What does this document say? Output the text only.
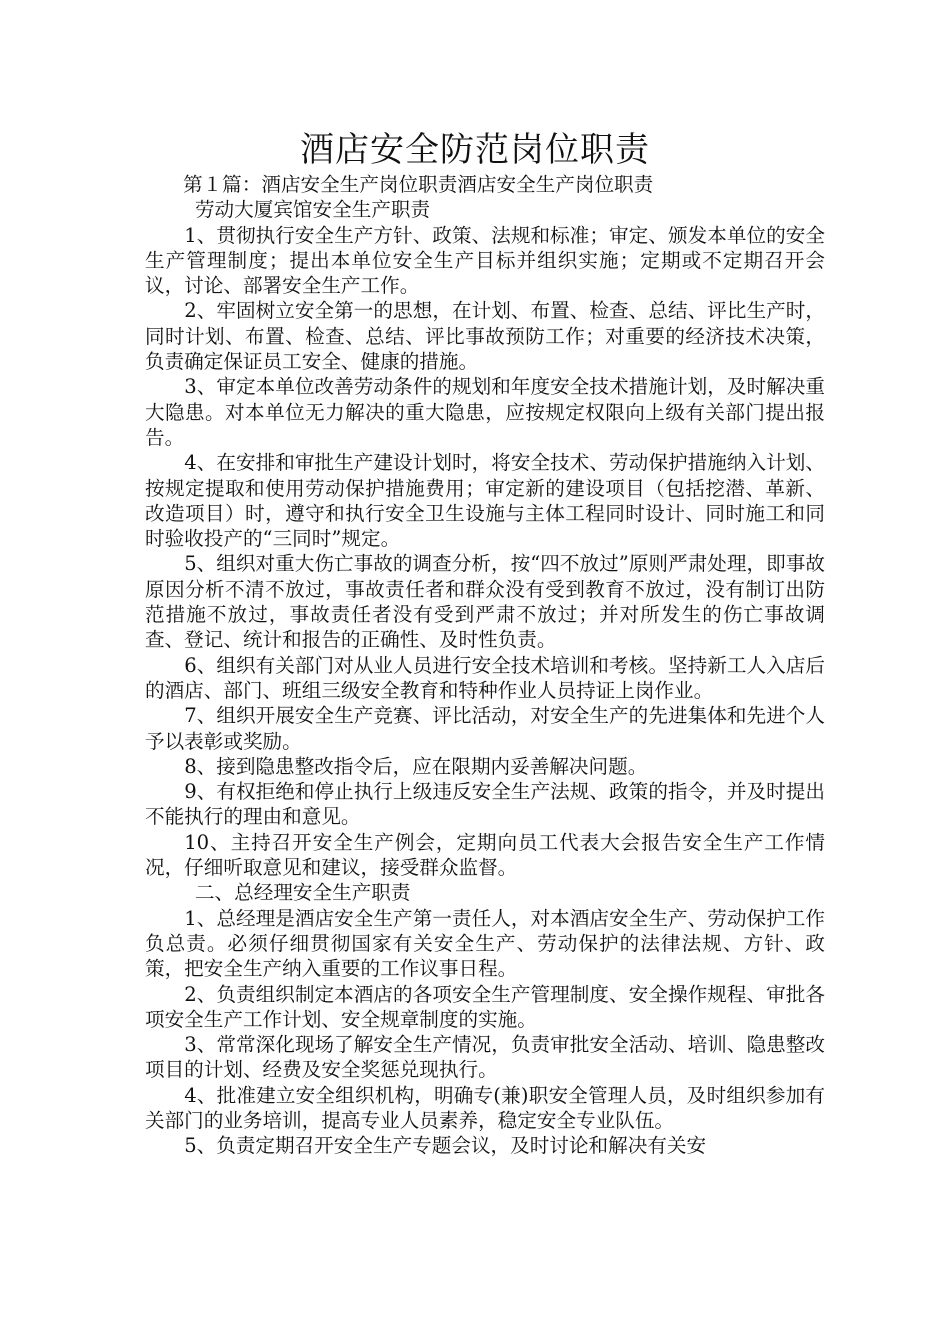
酒店安全防范岗位职责

第１篇：酒店安全生产岗位职责酒店安全生产岗位职责

劳动大厦宾馆安全生产职责

1、贯彻执行安全生产方针、政策、法规和标准；审定、颁发本单位的安全生产管理制度；提出本单位安全生产目标并组织实施；定期或不定期召开会议，讨论、部署安全生产工作。

2、牢固树立安全第一的思想，在计划、布置、检查、总结、评比生产时，同时计划、布置、检查、总结、评比事故预防工作；对重要的经济技术决策，负责确定保证员工安全、健康的措施。

3、审定本单位改善劳动条件的规划和年度安全技术措施计划，及时解决重大隐患。对本单位无力解决的重大隐患，应按规定权限向上级有关部门提出报告。

4、在安排和审批生产建设计划时，将安全技术、劳动保护措施纳入计划、按规定提取和使用劳动保护措施费用；审定新的建设项目（包括挖潜、革新、改造项目）时，遵守和执行安全卫生设施与主体工程同时设计、同时施工和同时验收投产的“三同时”规定。

5、组织对重大伤亡事故的调查分析，按“四不放过”原则严肃处理，即事故原因分析不清不放过，事故责任者和群众没有受到教育不放过，没有制订出防范措施不放过，事故责任者没有受到严肃不放过；并对所发生的伤亡事故调查、登记、统计和报告的正确性、及时性负责。

6、组织有关部门对从业人员进行安全技术培训和考核。坚持新工人入店后的酒店、部门、班组三级安全教育和特种作业人员持证上岗作业。

7、组织开展安全生产竞赛、评比活动，对安全生产的先进集体和先进个人予以表彰或奖励。

8、接到隐患整改指令后，应在限期内妥善解决问题。

9、有权拒绝和停止执行上级违反安全生产法规、政策的指令，并及时提出不能执行的理由和意见。

10、主持召开安全生产例会，定期向员工代表大会报告安全生产工作情况，仔细听取意见和建议，接受群众监督。

二、总经理安全生产职责

1、总经理是酒店安全生产第一责任人，对本酒店安全生产、劳动保护工作负总责。必须仔细贯彻国家有关安全生产、劳动保护的法律法规、方针、政策，把安全生产纳入重要的工作议事日程。

2、负责组织制定本酒店的各项安全生产管理制度、安全操作规程、审批各项安全生产工作计划、安全规章制度的实施。

3、常常深化现场了解安全生产情况，负责审批安全活动、培训、隐患整改项目的计划、经费及安全奖惩兑现执行。

4、批准建立安全组织机构，明确专(兼)职安全管理人员，及时组织参加有关部门的业务培训，提高专业人员素养，稳定安全专业队伍。

5、负责定期召开安全生产专题会议，及时讨论和解决有关安
